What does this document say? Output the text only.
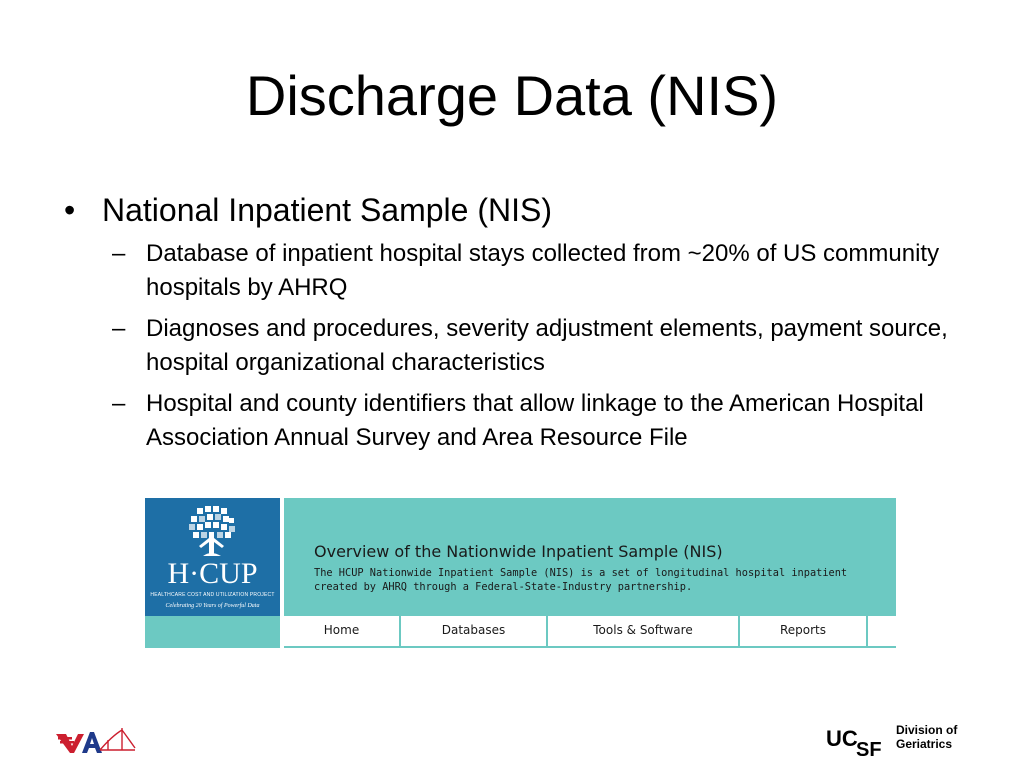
Discharge Data (NIS)
• National Inpatient Sample (NIS)
– Database of inpatient hospital stays collected from ~20% of US community hospitals by AHRQ
– Diagnoses and procedures, severity adjustment elements, payment source, hospital organizational characteristics
– Hospital and county identifiers that allow linkage to the American Hospital Association Annual Survey and Area Resource File
H·CUP
HEALTHCARE COST AND UTILIZATION PROJECT
Celebrating 20 Years of Powerful Data
Overview of the Nationwide Inpatient Sample (NIS)
The HCUP Nationwide Inpatient Sample (NIS) is a set of longitudinal hospital inpatient
created by AHRQ through a Federal-State-Industry partnership.
Home	Databases	Tools & Software	Reports
VA	UC
SF
Division of
Geriatrics
